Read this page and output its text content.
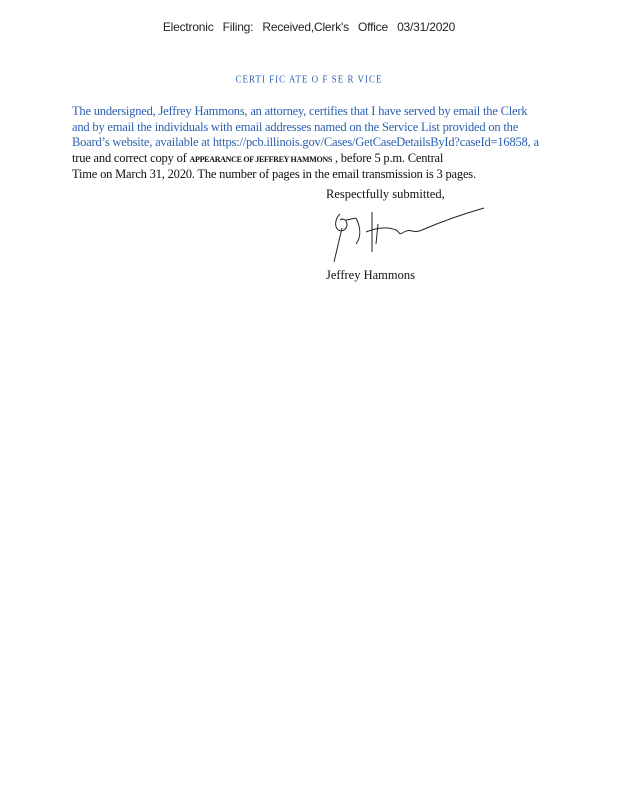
Electronic Filing: Received,Clerk's Office 03/31/2020
CERTI FIC ATE O F SE R VICE
The undersigned, Jeffrey Hammons, an attorney, certifies that I have served by email the Clerk
and by email the individuals with email addresses named on the Service List provided on the
Board’s website, available at https://pcb.illinois.gov/Cases/GetCaseDetailsById?caseId=16858, a
true and correct copy of APPEARANCE OF JEFFREY HAMMONS , before 5 p.m. Central
Time on March 31, 2020. The number of pages in the email transmission is 3 pages.
Respectfully submitted,
Jeffrey Hammons
